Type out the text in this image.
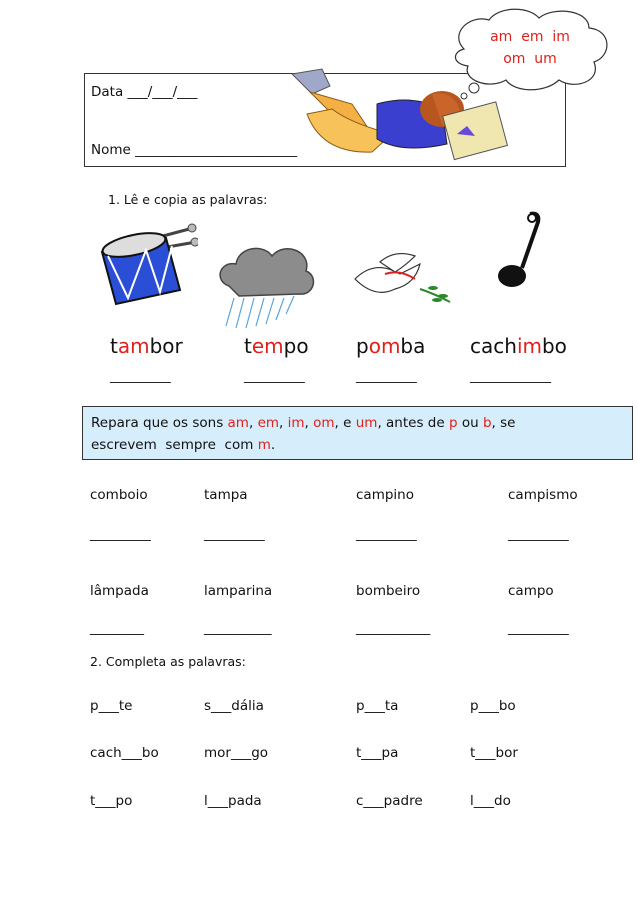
Data ___/___/___
Nome ________________________
am  em  im
om  um
1. Lê e copia as palavras:
tambor	tempo pomba cachimbo
_________	_________	_________	____________
Repara que os sons am, em, im, om, e um, antes de p ou b, se
escrevem  sempre  com m.
comboio	tampa	campino	campismo
_________	_________	_________	_________
lâmpada	lamparina	bombeiro	campo
________	__________	___________	_________
2. Completa as palavras:
p___te	s___dália	p___ta	p___bo
cach___bo	mor___go	t___pa	t___bor
t___po	l___pada	c___padre	l___do
